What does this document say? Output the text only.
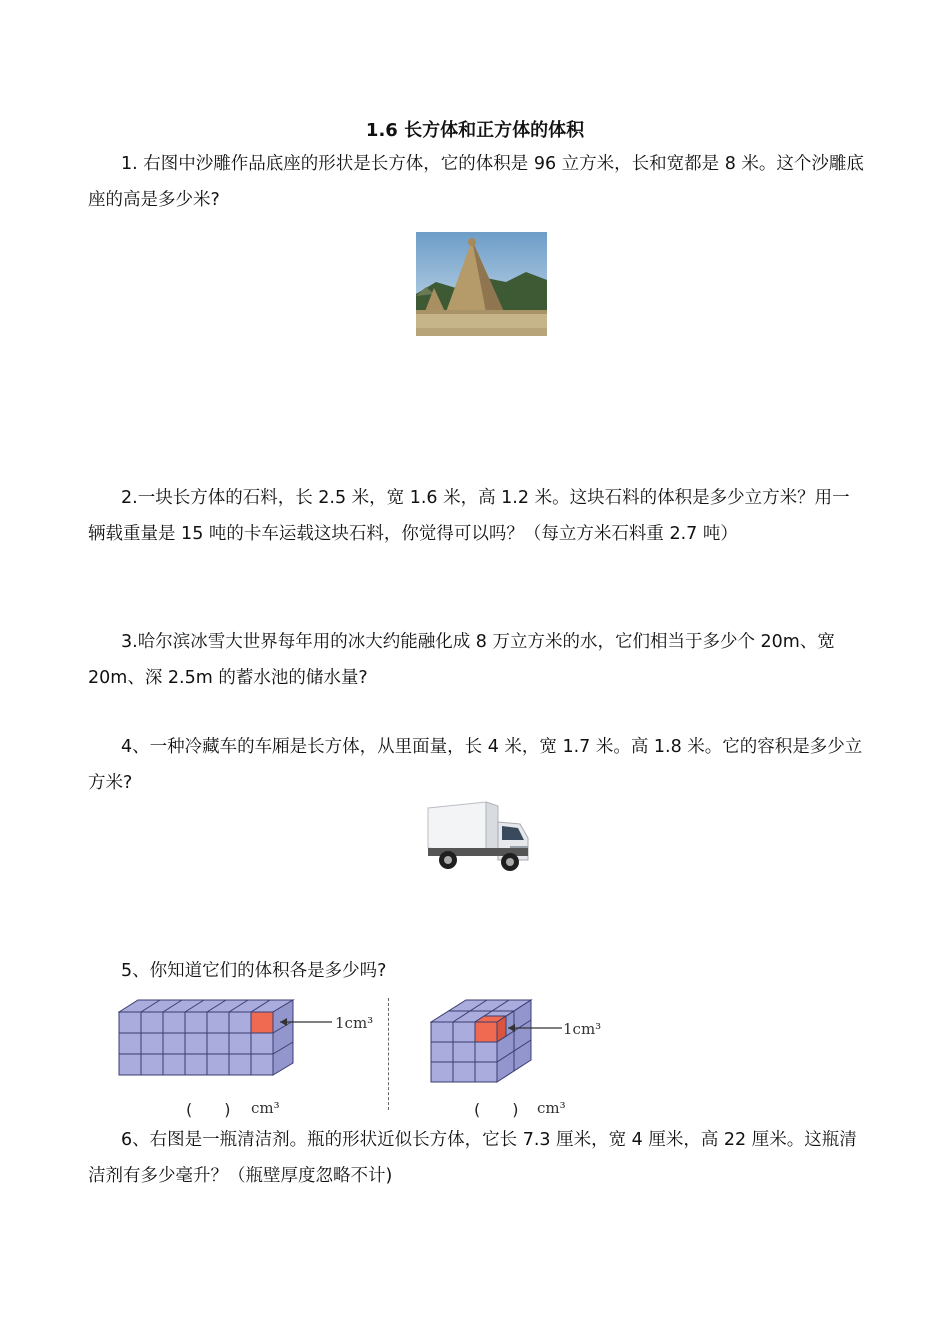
1.6 长方体和正方体的体积

1. 右图中沙雕作品底座的形状是长方体，它的体积是 96 立方米，长和宽都是 8 米。这个沙雕底座的高是多少米?

2.一块长方体的石料，长 2.5 米，宽 1.6 米，高 1.2 米。这块石料的体积是多少立方米？用一辆载重量是 15 吨的卡车运载这块石料，你觉得可以吗？（每立方米石料重 2.7 吨）

3.哈尔滨冰雪大世界每年用的冰大约能融化成 8 万立方米的水，它们相当于多少个 20m、宽 20m、深 2.5m 的蓄水池的储水量?

4、一种冷藏车的车厢是长方体，从里面量，长 4 米，宽 1.7 米。高 1.8 米。它的容积是多少立方米?

5、你知道它们的体积各是多少吗?

1cm³	1cm³
(　　) cm³	(　　) cm³

6、右图是一瓶清洁剂。瓶的形状近似长方体，它长 7.3 厘米，宽 4 厘米，高 22 厘米。这瓶清洁剂有多少毫升？（瓶壁厚度忽略不计)
